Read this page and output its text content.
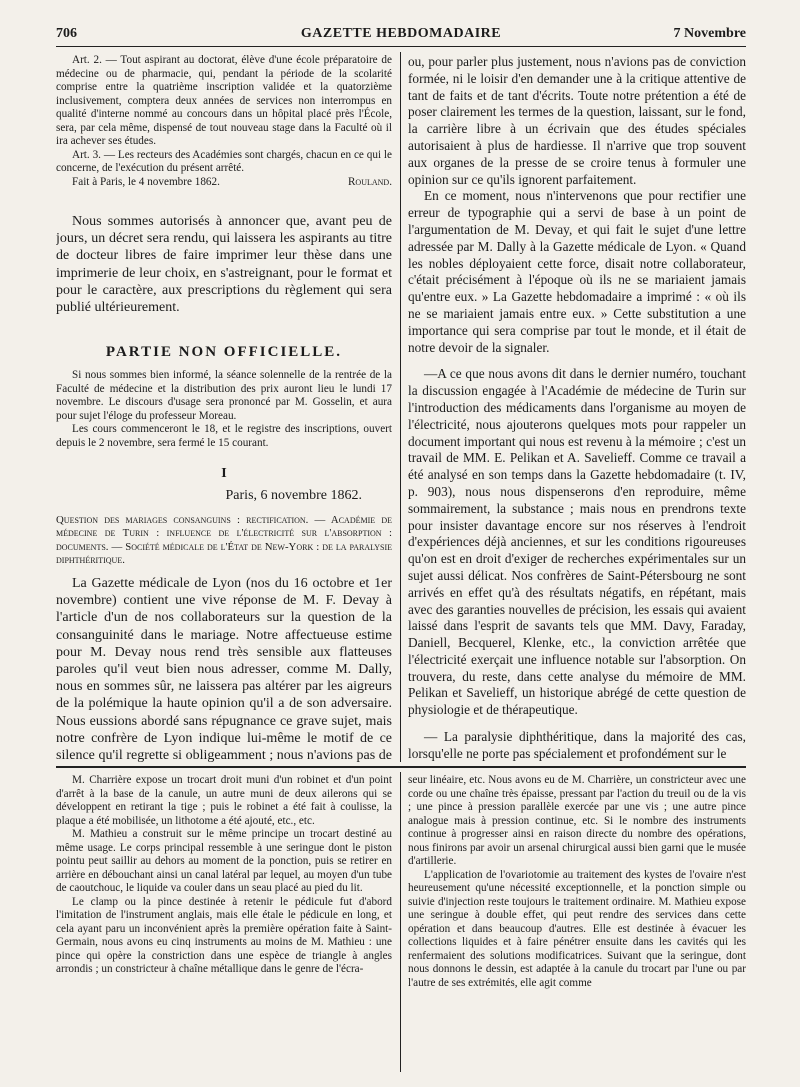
706	GAZETTE HEBDOMADAIRE	7 Novembre

Art. 2. — Tout aspirant au doctorat, élève d'une école préparatoire de médecine ou de pharmacie, qui, pendant la période de la scolarité comprise entre la quatrième inscription validée et la quatorzième inclusivement, comptera deux années de services non interrompus en qualité d'interne nommé au concours dans un hôpital placé près l'École, sera, par cela même, dispensé de tout nouveau stage dans la Faculté où il ira achever ses études.

Art. 3. — Les recteurs des Académies sont chargés, chacun en ce qui le concerne, de l'exécution du présent arrêté.

Fait à Paris, le 4 novembre 1862.	Rouland.

Nous sommes autorisés à annoncer que, avant peu de jours, un décret sera rendu, qui laissera les aspirants au titre de docteur libres de faire imprimer leur thèse dans une imprimerie de leur choix, en s'astreignant, pour le format et pour le caractère, aux prescriptions du règlement qui sera publié ultérieurement.

PARTIE NON OFFICIELLE.

Si nous sommes bien informé, la séance solennelle de la rentrée de la Faculté de médecine et la distribution des prix auront lieu le lundi 17 novembre. Le discours d'usage sera prononcé par M. Gosselin, et aura pour sujet l'éloge du professeur Moreau.

Les cours commenceront le 18, et le registre des inscriptions, ouvert depuis le 2 novembre, sera fermé le 15 courant.

I
Paris, 6 novembre 1862.

Question des mariages consanguins : rectification. — Académie de médecine de Turin : influence de l'électricité sur l'absorption : documents. — Société médicale de l'État de New-York : de la paralysie diphthéritique.

La Gazette médicale de Lyon (nos du 16 octobre et 1er novembre) contient une vive réponse de M. F. Devay à l'article d'un de nos collaborateurs sur la question de la consanguinité dans le mariage. Notre affectueuse estime pour M. Devay nous rend très sensible aux flatteuses paroles qu'il veut bien nous adresser, comme M. Dally, nous en sommes sûr, ne laissera pas altérer par les aigreurs de la polémique la haute opinion qu'il a de son adversaire. Nous eussions abordé sans répugnance ce grave sujet, mais notre confrère de Lyon indique lui-même le motif de ce silence qu'il regrette si obligeamment ; nous n'avions pas de

ou, pour parler plus justement, nous n'avions pas de conviction formée, ni le loisir d'en demander une à la critique attentive de tant de faits et de tant d'écrits. Toute notre prétention a été de poser clairement les termes de la question, laissant, sur le fond, la carrière libre à un écrivain que des études spéciales autorisaient à plus de hardiesse. Il n'arrive que trop souvent aux organes de la presse de se croire tenus à formuler une opinion sur ce qu'ils ignorent parfaitement.

En ce moment, nous n'intervenons que pour rectifier une erreur de typographie qui a servi de base à un point de l'argumentation de M. Devay, et qui fait le sujet d'une lettre adressée par M. Dally à la Gazette médicale de Lyon. « Quand les nobles déployaient cette force, disait notre collaborateur, c'était précisément à l'époque où ils ne se mariaient jamais qu'entre eux. » La Gazette hebdomadaire a imprimé : « où ils ne se mariaient jamais entre eux. » Cette substitution a une importance qui sera comprise par tout le monde, et il était de notre devoir de la signaler.

—A ce que nous avons dit dans le dernier numéro, touchant la discussion engagée à l'Académie de médecine de Turin sur l'introduction des médicaments dans l'organisme au moyen de l'électricité, nous ajouterons quelques mots pour rappeler un document important qui nous est revenu à la mémoire ; c'est un travail de MM. E. Pelikan et A. Savelieff. Comme ce travail a été analysé en son temps dans la Gazette hebdomadaire (t. IV, p. 903), nous nous dispenserons d'en reproduire, même sommairement, la substance ; mais nous en prendrons texte pour insister davantage encore sur nos réserves à l'endroit d'expériences déjà anciennes, et sur les conditions rigoureuses qu'on est en droit d'exiger de recherches expérimentales sur un sujet aussi délicat. Nos confrères de Saint-Pétersbourg ne sont arrivés en effet qu'à des résultats négatifs, en répétant, mais avec des garanties nouvelles de précision, les essais qui avaient laissé dans l'esprit de savants tels que MM. Davy, Faraday, Daniell, Becquerel, Klenke, etc., la conviction arrêtée que l'électricité exerçait une influence notable sur l'absorption. On trouvera, du reste, dans cette analyse du mémoire de MM. Pelikan et Savelieff, un historique abrégé de cette question de physiologie et de thérapeutique.

— La paralysie diphthéritique, dans la majorité des cas, lorsqu'elle ne porte pas spécialement et profondément sur le

M. Charrière expose un trocart droit muni d'un robinet et d'un point d'arrêt à la base de la canule, un autre muni de deux ailerons qui se développent en retirant la tige ; puis le robinet a été fait à coulisse, la plaque a été mobilisée, un lithotome a été ajouté, etc., etc.

M. Mathieu a construit sur le même principe un trocart destiné au même usage. Le corps principal ressemble à une seringue dont le piston pointu peut saillir au dehors au moment de la ponction, puis se retirer en arrière en débouchant ainsi un canal latéral par lequel, au moyen d'un tube de caoutchouc, le liquide va couler dans un seau placé au pied du lit.

Le clamp ou la pince destinée à retenir le pédicule fut d'abord l'imitation de l'instrument anglais, mais elle étale le pédicule en long, et cela ayant paru un inconvénient après la première opération faite à Saint-Germain, nous avons eu cinq instruments au moins de M. Mathieu : une pince qui opère la constriction dans une espèce de triangle à angles arrondis ; un constricteur à chaîne métallique dans le genre de l'écra-

seur linéaire, etc. Nous avons eu de M. Charrière, un constricteur avec une corde ou une chaîne très épaisse, pressant par l'action du treuil ou de la vis ; une pince à pression parallèle exercée par une vis ; une autre pince analogue mais à pression continue, etc. Si le nombre des instruments continue à progresser ainsi en raison directe du nombre des opérations, nous finirons par avoir un arsenal chirurgical aussi bien garni que le musée d'artillerie.

L'application de l'ovariotomie au traitement des kystes de l'ovaire n'est heureusement qu'une nécessité exceptionnelle, et la ponction simple ou suivie d'injection reste toujours le traitement ordinaire. M. Mathieu expose une seringue à double effet, qui peut rendre des services dans cette opération et dans beaucoup d'autres. Elle est destinée à évacuer les collections liquides et à faire pénétrer ensuite dans les cavités qui les renfermaient des solutions modificatrices. Suivant que la seringue, dont nous donnons le dessin, est adaptée à la canule du trocart par l'une ou par l'autre de ses extrémités, elle agit comme
